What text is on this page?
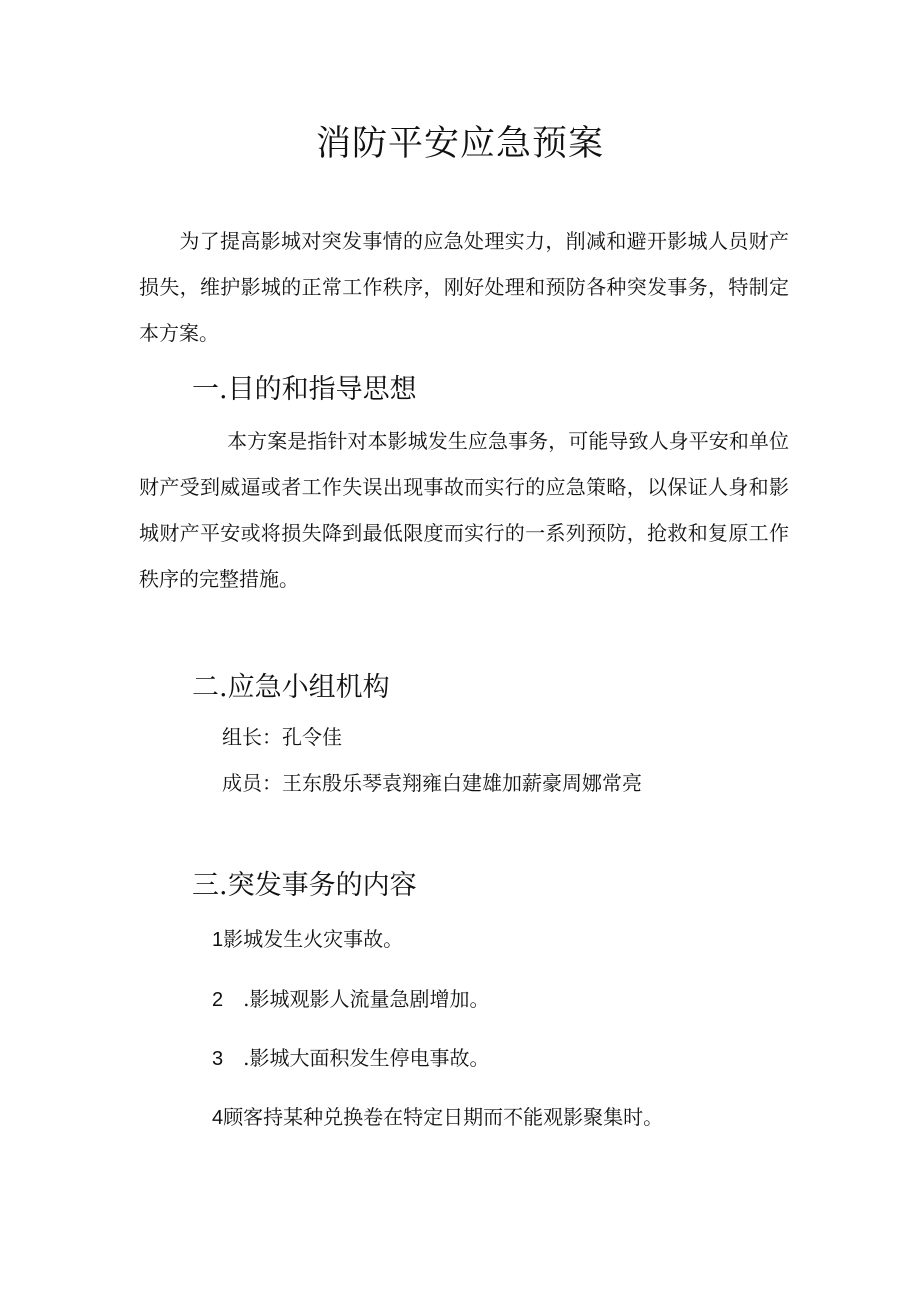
消防平安应急预案

为了提高影城对突发事情的应急处理实力，削减和避开影城人员财产损失，维护影城的正常工作秩序，刚好处理和预防各种突发事务，特制定本方案。

一.目的和指导思想

本方案是指针对本影城发生应急事务，可能导致人身平安和单位财产受到威逼或者工作失误出现事故而实行的应急策略，以保证人身和影城财产平安或将损失降到最低限度而实行的一系列预防，抢救和复原工作秩序的完整措施。

二.应急小组机构

组长：孔令佳

成员：王东殷乐琴袁翔雍白建雄加薪豪周娜常亮

三.突发事务的内容

1影城发生火灾事故。

2　.影城观影人流量急剧增加。

3　.影城大面积发生停电事故。

4顾客持某种兑换卷在特定日期而不能观影聚集时。
